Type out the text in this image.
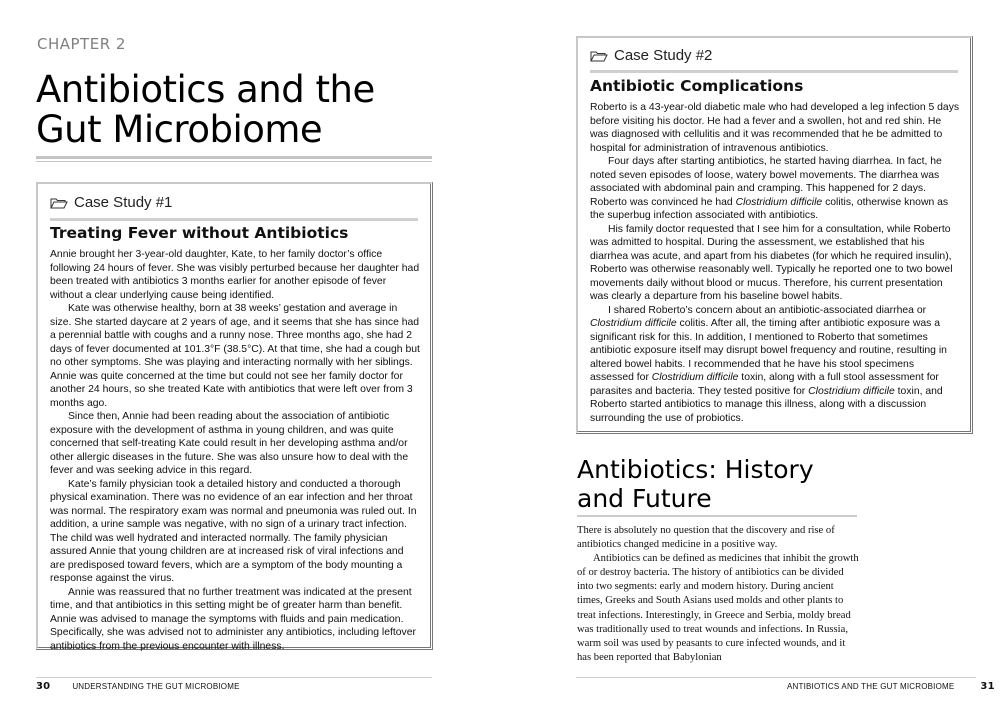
CHAPTER 2
Antibiotics and the
Gut Microbiome
Case Study #1
Treating Fever without Antibiotics

Annie brought her 3-year-old daughter, Kate, to her family doctor’s office following 24 hours of fever. She was visibly perturbed because her daughter had been treated with antibiotics 3 months earlier for another episode of fever without a clear underlying cause being identified.

Kate was otherwise healthy, born at 38 weeks’ gestation and average in size. She started daycare at 2 years of age, and it seems that she has since had a perennial battle with coughs and a runny nose. Three months ago, she had 2 days of fever documented at 101.3°F (38.5°C). At that time, she had a cough but no other symptoms. She was playing and interacting normally with her siblings. Annie was quite concerned at the time but could not see her family doctor for another 24 hours, so she treated Kate with antibiotics that were left over from 3 months ago.

Since then, Annie had been reading about the association of antibiotic exposure with the development of asthma in young children, and was quite concerned that self-treating Kate could result in her developing asthma and/or other allergic diseases in the future. She was also unsure how to deal with the fever and was seeking advice in this regard.

Kate’s family physician took a detailed history and conducted a thorough physical examination. There was no evidence of an ear infection and her throat was normal. The respiratory exam was normal and pneumonia was ruled out. In addition, a urine sample was negative, with no sign of a urinary tract infection. The child was well hydrated and interacted normally. The family physician assured Annie that young children are at increased risk of viral infections and are predisposed toward fevers, which are a symptom of the body mounting a response against the virus.

Annie was reassured that no further treatment was indicated at the present time, and that antibiotics in this setting might be of greater harm than benefit. Annie was advised to manage the symptoms with fluids and pain medication. Specifically, she was advised not to administer any antibiotics, including leftover antibiotics from the previous encounter with illness.

30	UNDERSTANDING THE GUT MICROBIOME
Case Study #2
Antibiotic Complications

Roberto is a 43-year-old diabetic male who had developed a leg infection 5 days before visiting his doctor. He had a fever and a swollen, hot and red shin. He was diagnosed with cellulitis and it was recommended that he be admitted to hospital for administration of intravenous antibiotics.

Four days after starting antibiotics, he started having diarrhea. In fact, he noted seven episodes of loose, watery bowel movements. The diarrhea was associated with abdominal pain and cramping. This happened for 2 days. Roberto was convinced he had Clostridium difficile colitis, otherwise known as the superbug infection associated with antibiotics.

His family doctor requested that I see him for a consultation, while Roberto was admitted to hospital. During the assessment, we established that his diarrhea was acute, and apart from his diabetes (for which he required insulin), Roberto was otherwise reasonably well. Typically he reported one to two bowel movements daily without blood or mucus. Therefore, his current presentation was clearly a departure from his baseline bowel habits.

I shared Roberto’s concern about an antibiotic-associated diarrhea or Clostridium difficile colitis. After all, the timing after antibiotic exposure was a significant risk for this. In addition, I mentioned to Roberto that sometimes antibiotic exposure itself may disrupt bowel frequency and routine, resulting in altered bowel habits. I recommended that he have his stool specimens assessed for Clostridium difficile toxin, along with a full stool assessment for parasites and bacteria. They tested positive for Clostridium difficile toxin, and Roberto started antibiotics to manage this illness, along with a discussion surrounding the use of probiotics.

Antibiotics: History
and Future

There is absolutely no question that the discovery and rise of antibiotics changed medicine in a positive way.

Antibiotics can be defined as medicines that inhibit the growth of or destroy bacteria. The history of antibiotics can be divided into two segments: early and modern history. During ancient times, Greeks and South Asians used molds and other plants to treat infections. Interestingly, in Greece and Serbia, moldy bread was traditionally used to treat wounds and infections. In Russia, warm soil was used by peasants to cure infected wounds, and it has been reported that Babylonian

ANTIBIOTICS AND THE GUT MICROBIOME	31
